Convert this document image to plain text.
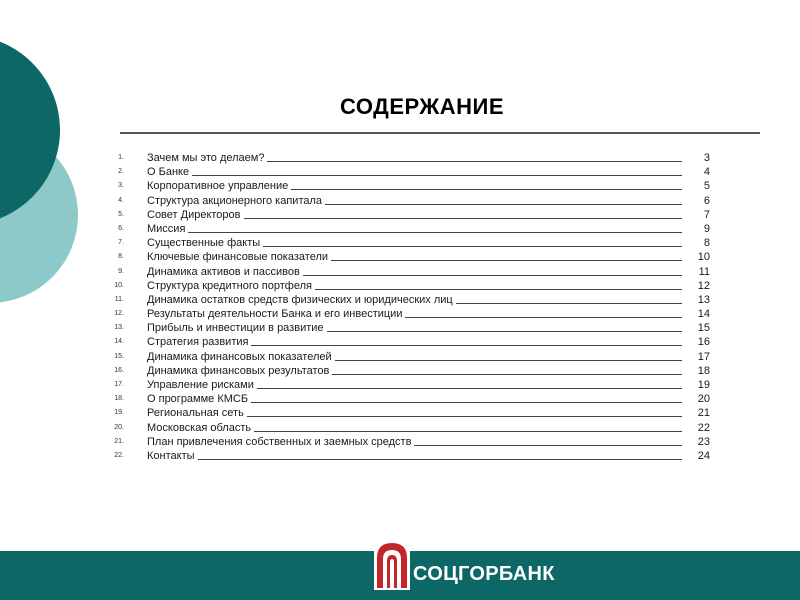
СОДЕРЖАНИЕ
1. Зачем мы это делаем?	3
2. О Банке	4
3. Корпоративное управление	5
4. Структура акционерного капитала	6
5. Совет Директоров	7
6. Миссия	9
7. Существенные факты	8
8. Ключевые финансовые показатели	10
9. Динамика активов и пассивов	11
10. Структура кредитного портфеля	12
11. Динамика остатков средств физических и юридических лиц	13
12. Результаты деятельности Банка и его инвестиции	14
13. Прибыль и инвестиции в развитие	15
14. Стратегия развития	16
15. Динамика финансовых показателей	17
16. Динамика финансовых результатов	18
17. Управление рисками	19
18. О программе КМСБ	20
19. Региональная сеть	21
20. Московская область	22
21. План привлечения собственных и заемных средств	23
22. Контакты	24
СОЦГОРБАНК
